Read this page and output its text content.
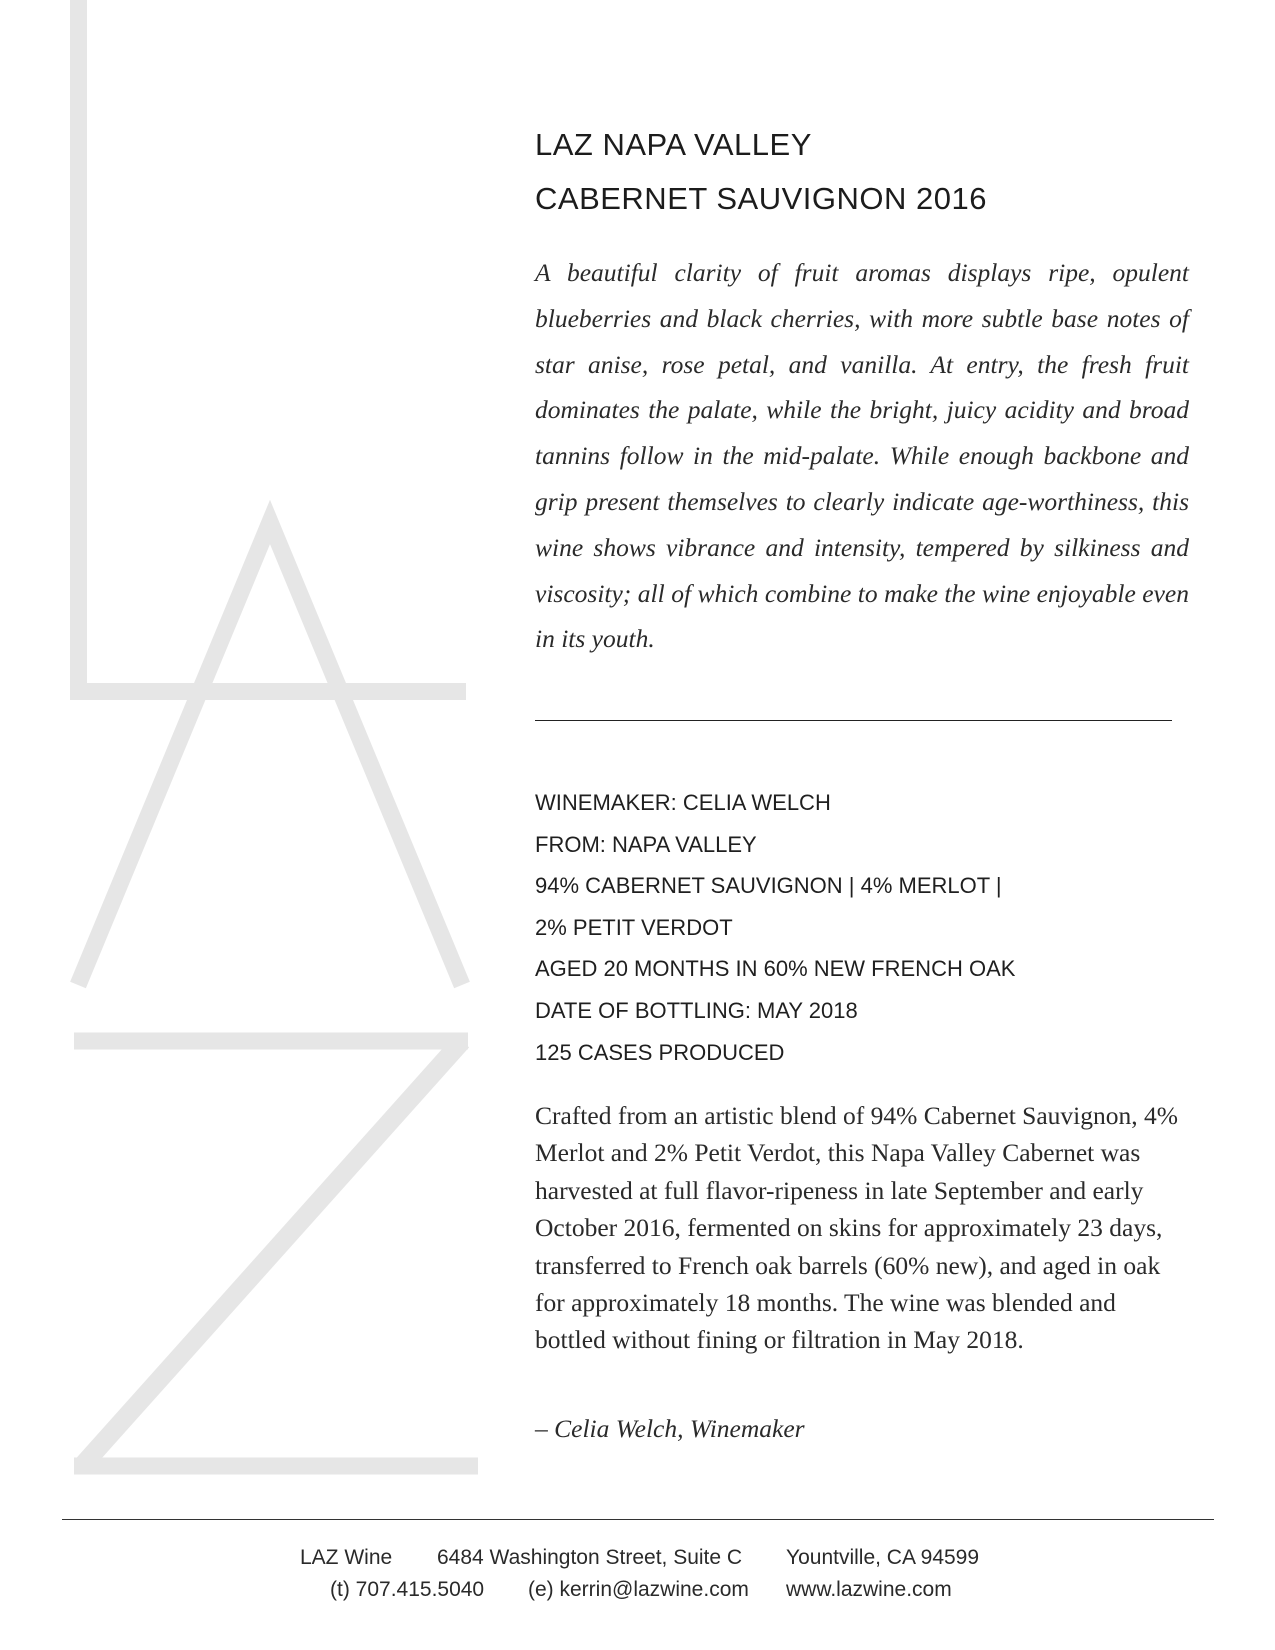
LAZ NAPA VALLEY
CABERNET SAUVIGNON 2016

A beautiful clarity of fruit aromas displays ripe, opulent blueberries and black cherries, with more subtle base notes of star anise, rose petal, and vanilla. At entry, the fresh fruit dominates the palate, while the bright, juicy acidity and broad tannins follow in the mid-palate. While enough backbone and grip present themselves to clearly indicate age-worthiness, this wine shows vibrance and intensity, tempered by silkiness and viscosity; all of which combine to make the wine enjoyable even in its youth.

WINEMAKER: CELIA WELCH
FROM: NAPA VALLEY
94% CABERNET SAUVIGNON | 4% MERLOT |
2% PETIT VERDOT
AGED 20 MONTHS IN 60% NEW FRENCH OAK
DATE OF BOTTLING: MAY 2018
125 CASES PRODUCED

Crafted from an artistic blend of 94% Cabernet Sauvignon, 4% Merlot and 2% Petit Verdot, this Napa Valley Cabernet was harvested at full flavor-ripeness in late September and early October 2016, fermented on skins for approximately 23 days, transferred to French oak barrels (60% new), and aged in oak for approximately 18 months. The wine was blended and bottled without fining or filtration in May 2018.

– Celia Welch, Winemaker
LAZ Wine 6484 Washington Street, Suite C Yountville, CA 94599
(t) 707.415.5040 (e) kerrin@lazwine.com www.lazwine.com
